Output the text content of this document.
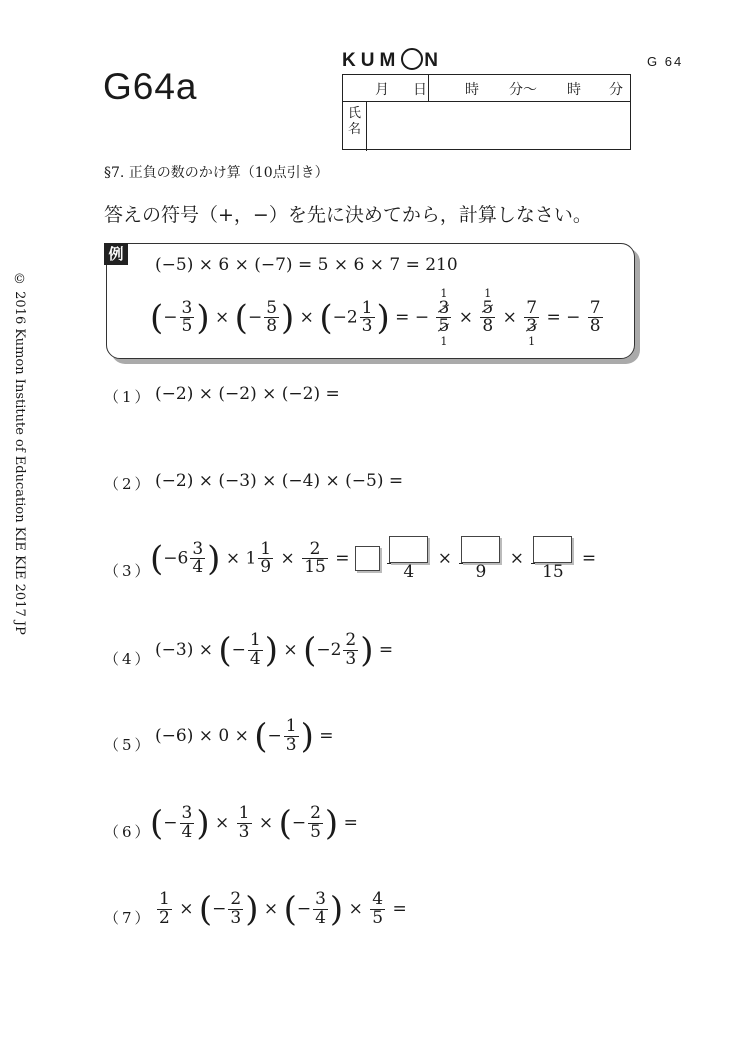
G64a
G 64
KUM N
月 日	時 分～ 時 分
氏名
§7. 正負の数のかけ算（10点引き）
答えの符号（+，−）を先に決めてから，計算しなさい。
例
(−5) × 6 × (−7) = 5 × 6 × 7 = 210
(− $\frac{3}{5}$ ) × (− $\frac{5}{8}$ ) × ($-2 \frac{1}{3}$ ) = −
1
3
5
1
×
1
5
8
×
7
3
1
= − $\frac{7}{8}$
（1） (−2) × (−2) × (−2) =
（2） (−2) × (−3) × (−4) × (−5) =
（3）
($-6 \frac{3}{4}$ ) × $1 \frac{1}{9} \times \frac{2}{15}$ =
4
×
9
×
15
=
（4） (−3) × (− $\frac{1}{4}$ ) × ($-2 \frac{2}{3}$ ) =
（5） (−6) × 0 × (− $\frac{1}{3}$ ) =
（6）
(− $\frac{3}{4}$ ) × $\frac{1}{3}$ × (− $\frac{2}{5}$ ) =
$(7) \frac{1}{2}$ × (− $\frac{2}{3}$ ) × (− $\frac{3}{4}$ ) × $\frac{4}{5}$ =
© 2016 Kumon Institute of Education KIE KIE 2017 JP
